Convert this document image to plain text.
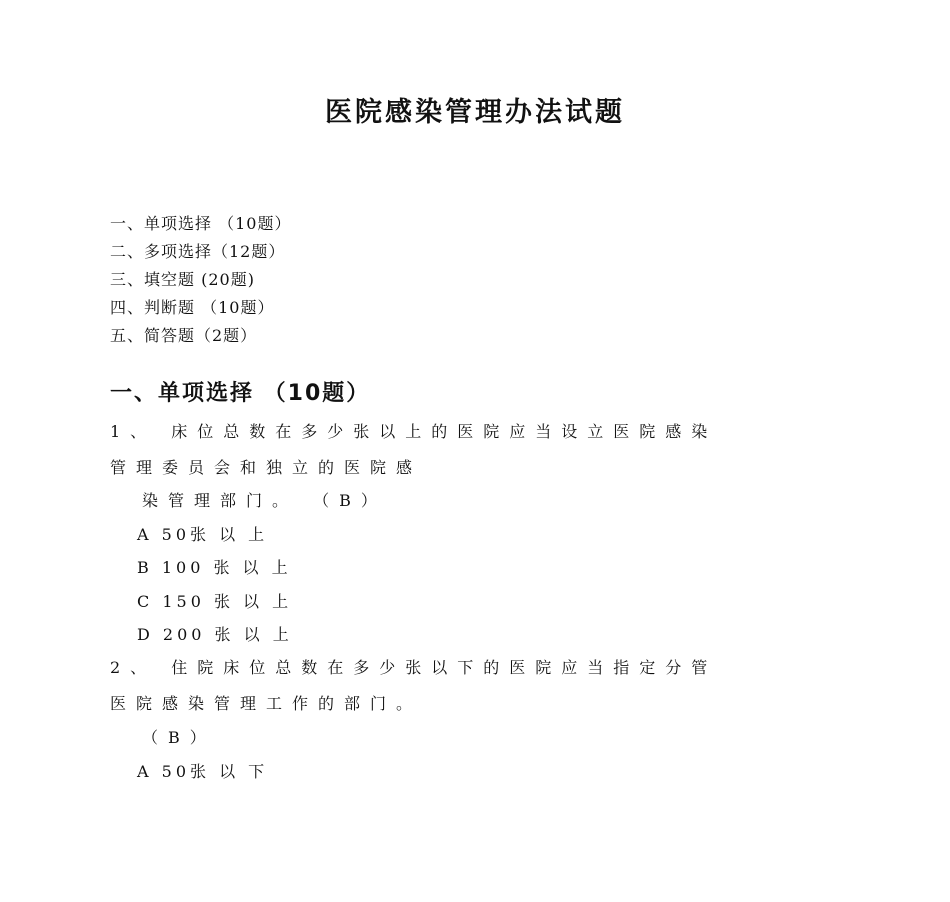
医院感染管理办法试题
一、单项选择 （10题）
二、多项选择（12题）
三、填空题 (20题)
四、判断题 （10题）
五、简答题（2题）
一、单项选择 （10题）
1、 床位总数在多少张以上的医院应当设立医院感染
管理委员会和独立的医院感
染管理部门。 （B）
A 50张 以 上
B 100 张 以 上
C 150 张 以 上
D 200 张 以 上
2、 住院床位总数在多少张以下的医院应当指定分管
医院感染管理工作的部门。
（B）
A 50张 以 下
